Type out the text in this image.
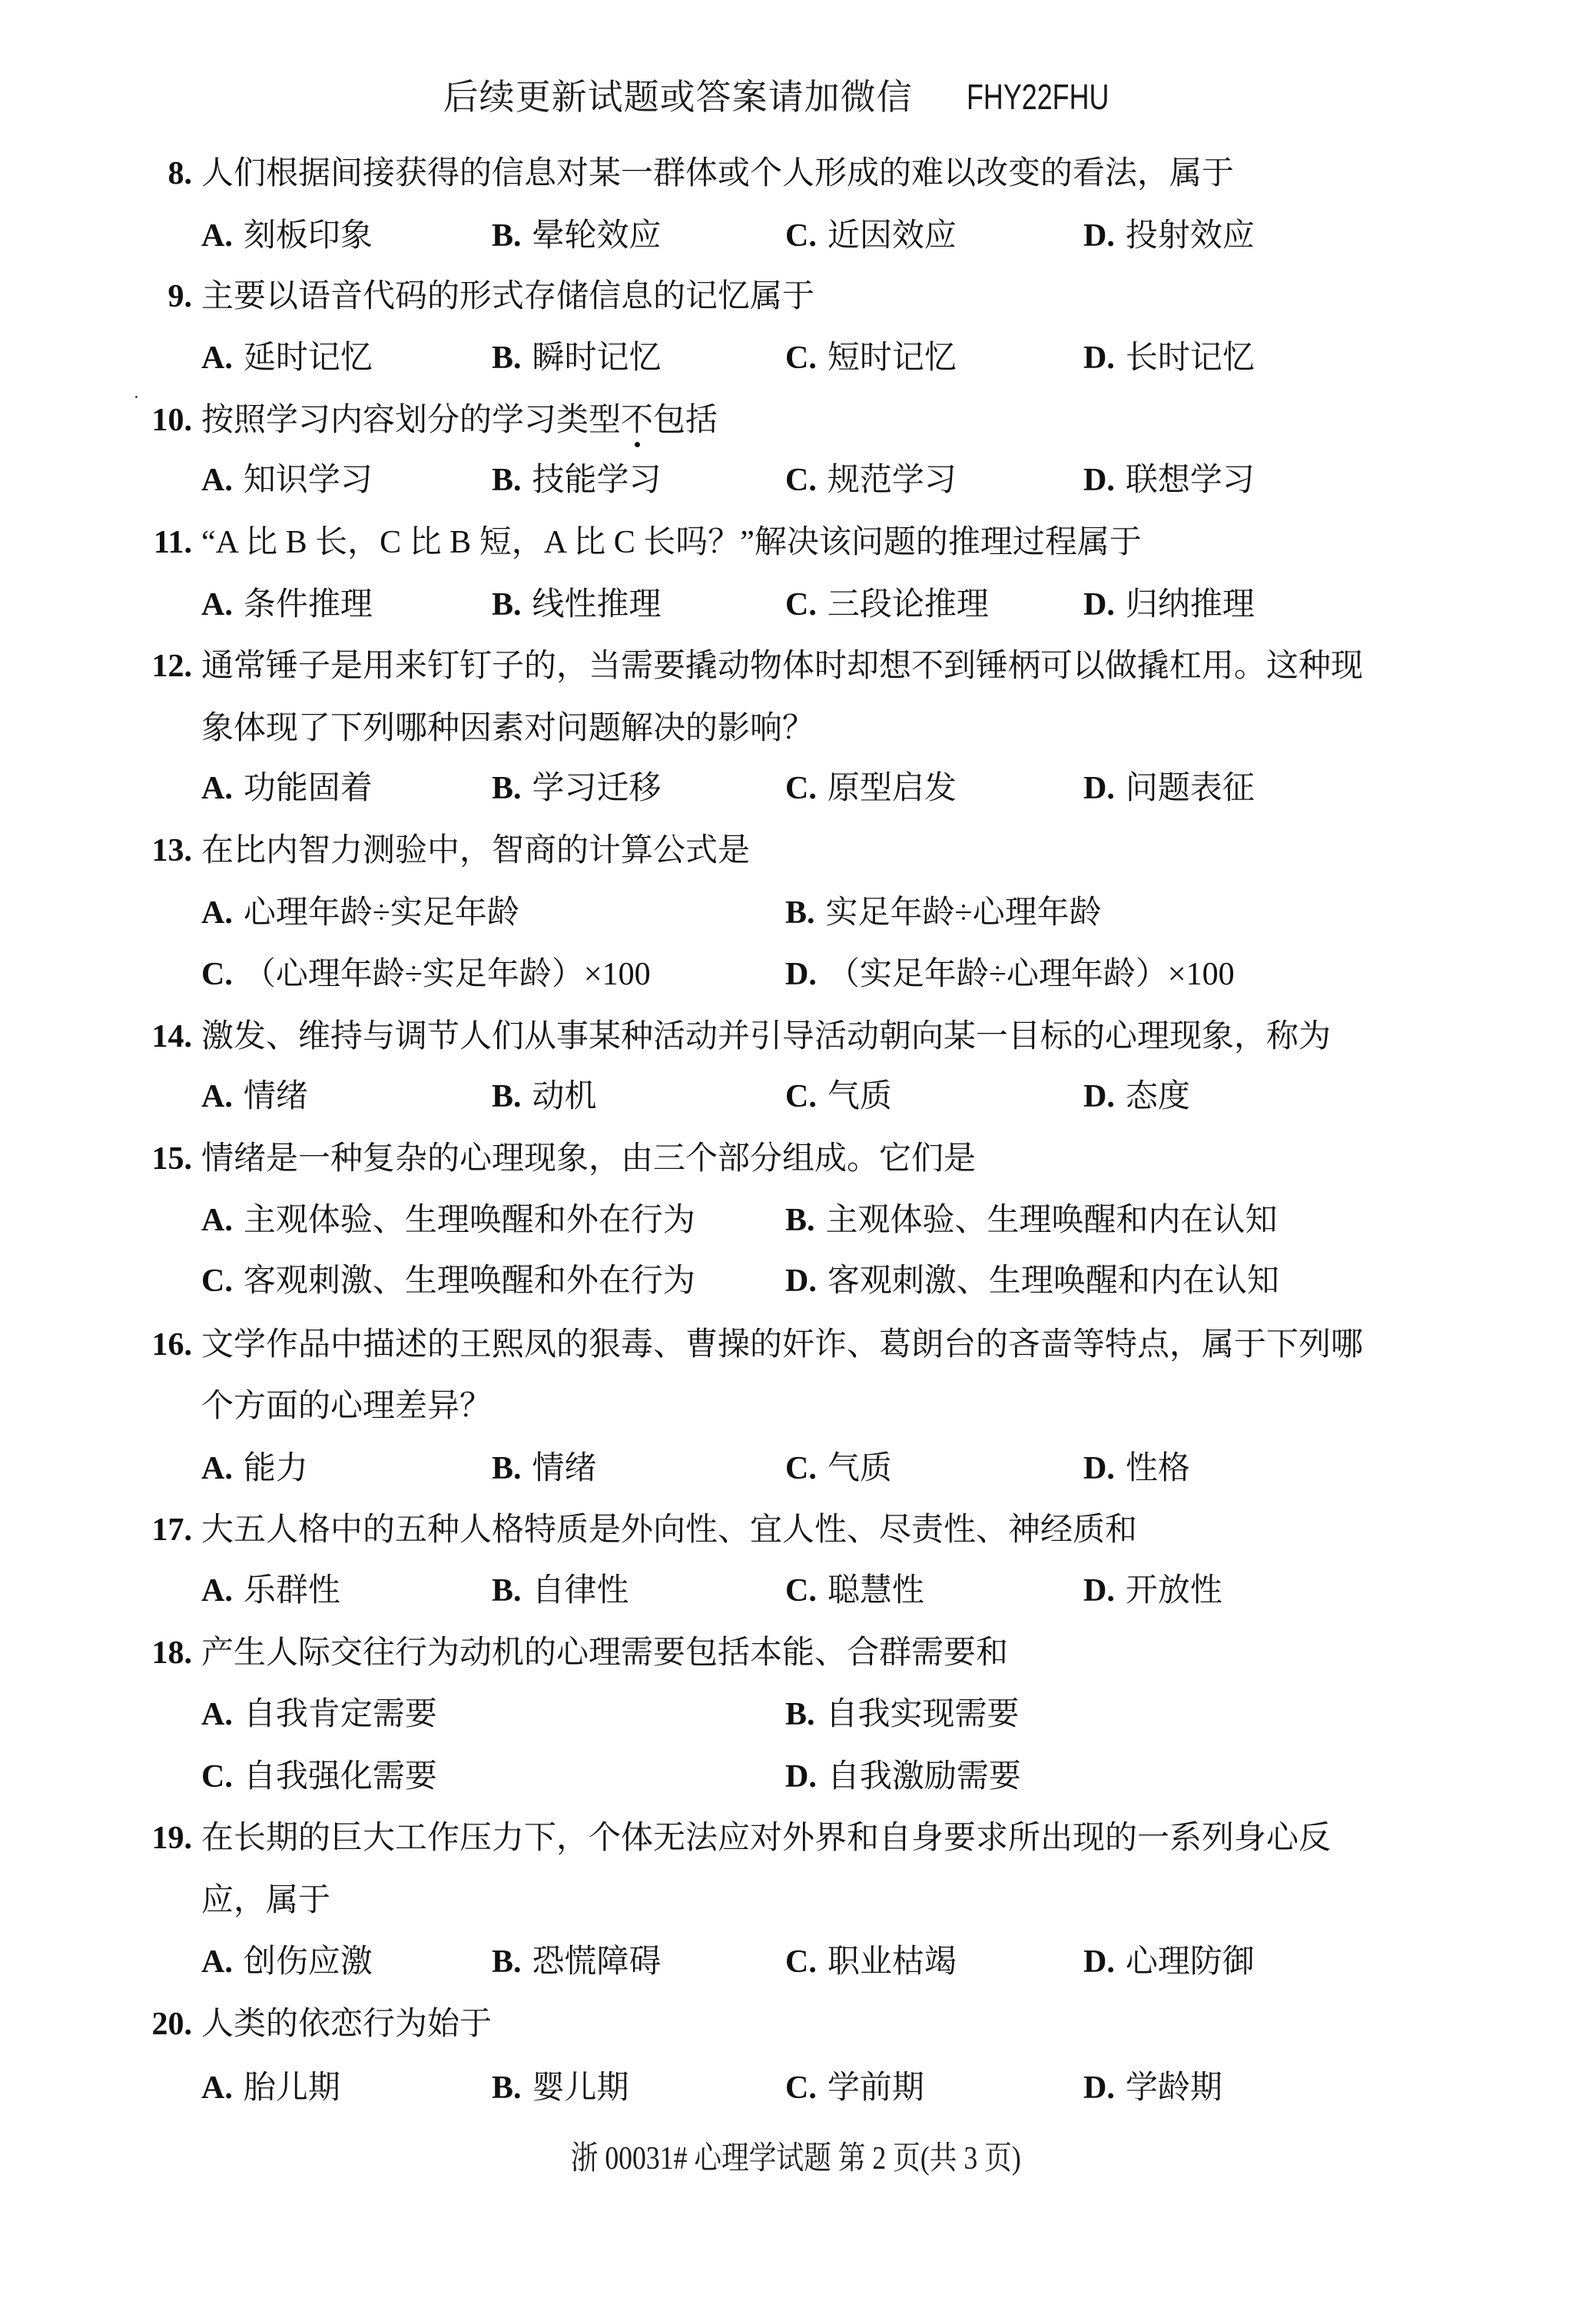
后续更新试题或答案请加微信 FHY22FHU
8. 人们根据间接获得的信息对某一群体或个人形成的难以改变的看法，属于
A. 刻板印象	B. 晕轮效应	C. 近因效应	D. 投射效应
9. 主要以语音代码的形式存储信息的记忆属于
A. 延时记忆	B. 瞬时记忆	C. 短时记忆	D. 长时记忆
10. 按照学习内容划分的学习类型不包括
A. 知识学习	B. 技能学习	C. 规范学习	D. 联想学习
11. “A 比 B 长，C 比 B 短，A 比 C 长吗？”解决该问题的推理过程属于
A. 条件推理	B. 线性推理	C. 三段论推理	D. 归纳推理
12. 通常锤子是用来钉钉子的，当需要撬动物体时却想不到锤柄可以做撬杠用。这种现
象体现了下列哪种因素对问题解决的影响？
A. 功能固着	B. 学习迁移	C. 原型启发	D. 问题表征
13. 在比内智力测验中，智商的计算公式是
A. 心理年龄÷实足年龄	B. 实足年龄÷心理年龄
C. （心理年龄÷实足年龄）×100	D. （实足年龄÷心理年龄）×100
14. 激发、维持与调节人们从事某种活动并引导活动朝向某一目标的心理现象，称为
A. 情绪	B. 动机	C. 气质	D. 态度
15. 情绪是一种复杂的心理现象，由三个部分组成。它们是
A. 主观体验、生理唤醒和外在行为	B. 主观体验、生理唤醒和内在认知
C. 客观刺激、生理唤醒和外在行为	D. 客观刺激、生理唤醒和内在认知
16. 文学作品中描述的王熙凤的狠毒、曹操的奸诈、葛朗台的吝啬等特点，属于下列哪
个方面的心理差异？
A. 能力	B. 情绪	C. 气质	D. 性格
17. 大五人格中的五种人格特质是外向性、宜人性、尽责性、神经质和
A. 乐群性	B. 自律性	C. 聪慧性	D. 开放性
18. 产生人际交往行为动机的心理需要包括本能、合群需要和
A. 自我肯定需要	B. 自我实现需要
C. 自我强化需要	D. 自我激励需要
19. 在长期的巨大工作压力下，个体无法应对外界和自身要求所出现的一系列身心反
应，属于
A. 创伤应激	B. 恐慌障碍	C. 职业枯竭	D. 心理防御
20. 人类的依恋行为始于
A. 胎儿期	B. 婴儿期	C. 学前期	D. 学龄期
浙 00031# 心理学试题 第 2 页(共 3 页)
